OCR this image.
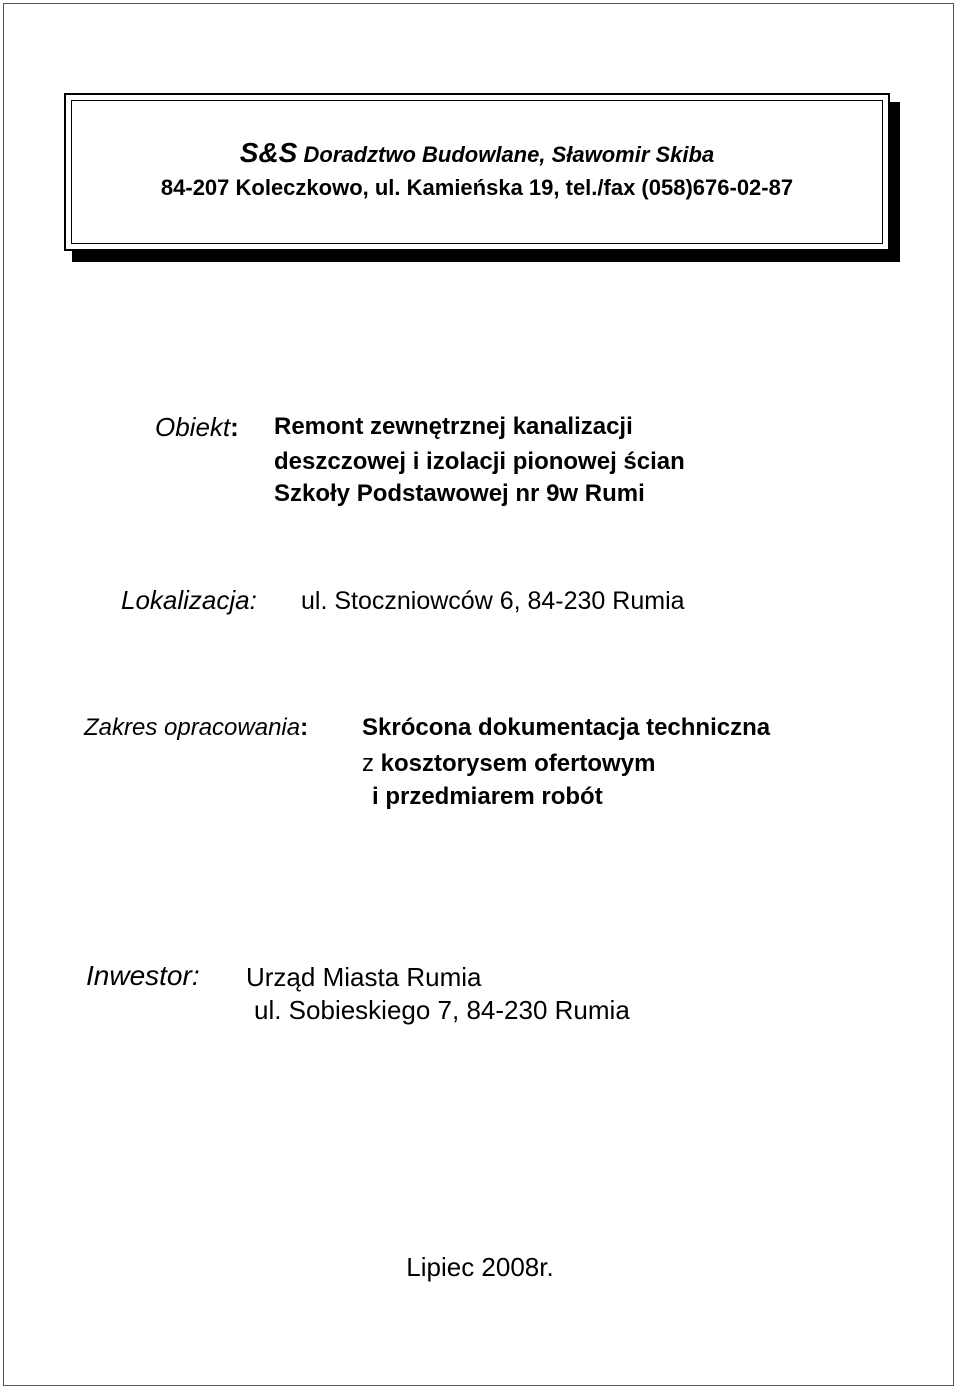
S&S Doradztwo Budowlane, Sławomir Skiba
84-207 Koleczkowo, ul. Kamieńska 19, tel./fax (058)676-02-87
Obiekt: Remont zewnętrznej kanalizacji
deszczowej i izolacji pionowej ścian
Szkoły Podstawowej nr 9w Rumi
Lokalizacja: ul. Stoczniowców 6, 84-230 Rumia
Zakres opracowania: Skrócona dokumentacja techniczna
z kosztorysem ofertowym
i przedmiarem robót
Inwestor: Urząd Miasta Rumia
ul. Sobieskiego 7, 84-230 Rumia
Lipiec 2008r.
